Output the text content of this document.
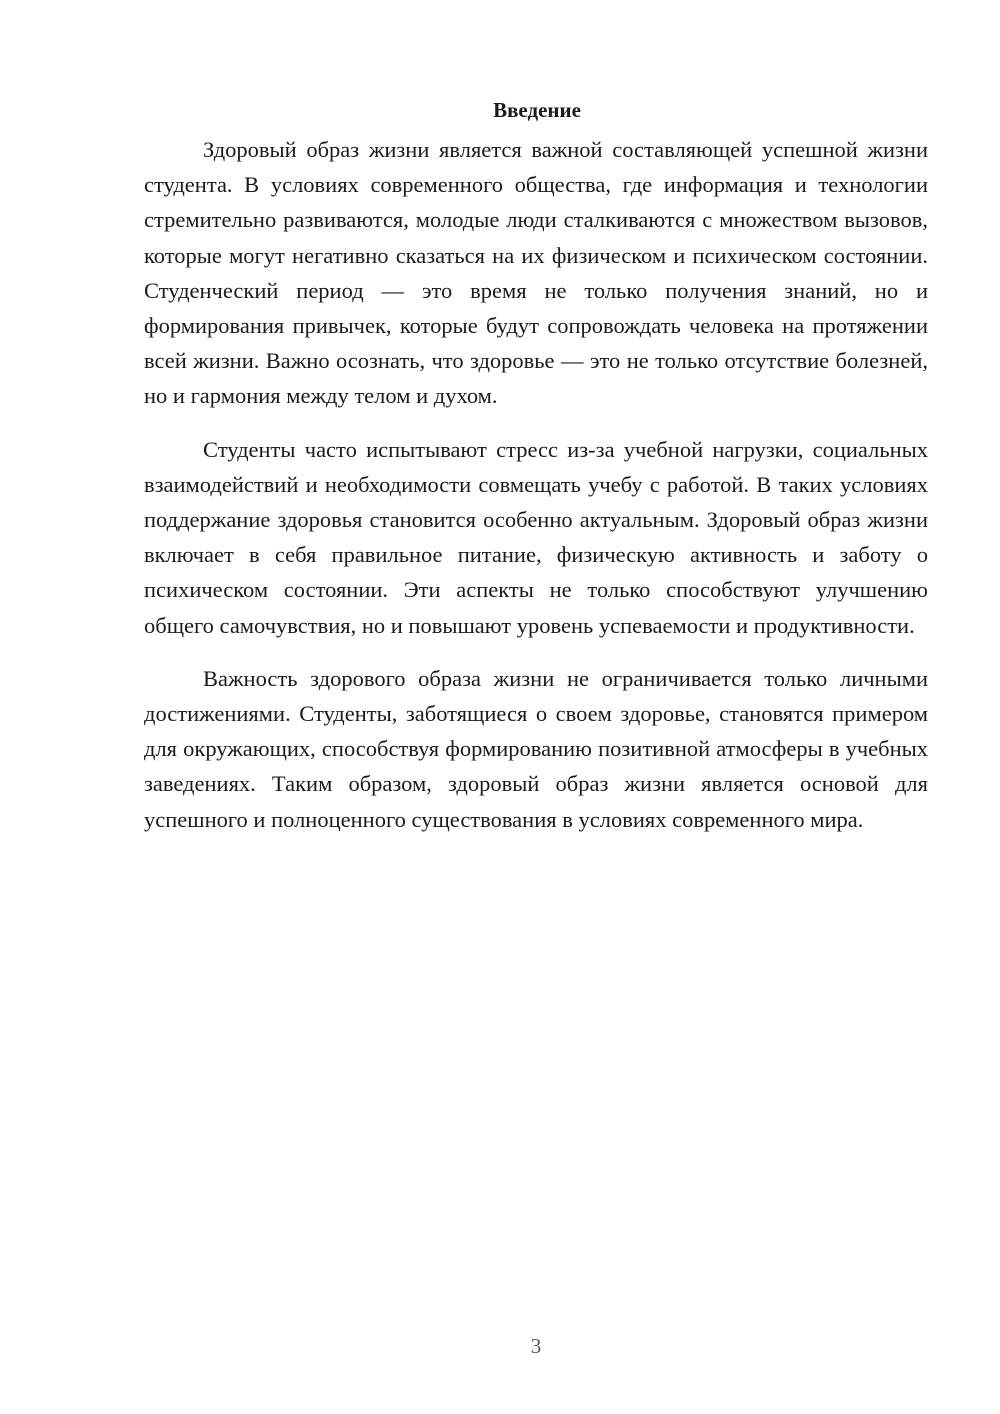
Введение

Здоровый образ жизни является важной составляющей успешной жизни студента. В условиях современного общества, где информация и технологии стремительно развиваются, молодые люди сталкиваются с множеством вызовов, которые могут негативно сказаться на их физическом и психическом состоянии. Студенческий период — это время не только получения знаний, но и формирования привычек, которые будут сопровождать человека на протяжении всей жизни. Важно осознать, что здоровье — это не только отсутствие болезней, но и гармония между телом и духом.

Студенты часто испытывают стресс из-за учебной нагрузки, социальных взаимодействий и необходимости совмещать учебу с работой. В таких условиях поддержание здоровья становится особенно актуальным. Здоровый образ жизни включает в себя правильное питание, физическую активность и заботу о психическом состоянии. Эти аспекты не только способствуют улучшению общего самочувствия, но и повышают уровень успеваемости и продуктивности.

Важность здорового образа жизни не ограничивается только личными достижениями. Студенты, заботящиеся о своем здоровье, становятся примером для окружающих, способствуя формированию позитивной атмосферы в учебных заведениях. Таким образом, здоровый образ жизни является основой для успешного и полноценного существования в условиях современного мира.

3
